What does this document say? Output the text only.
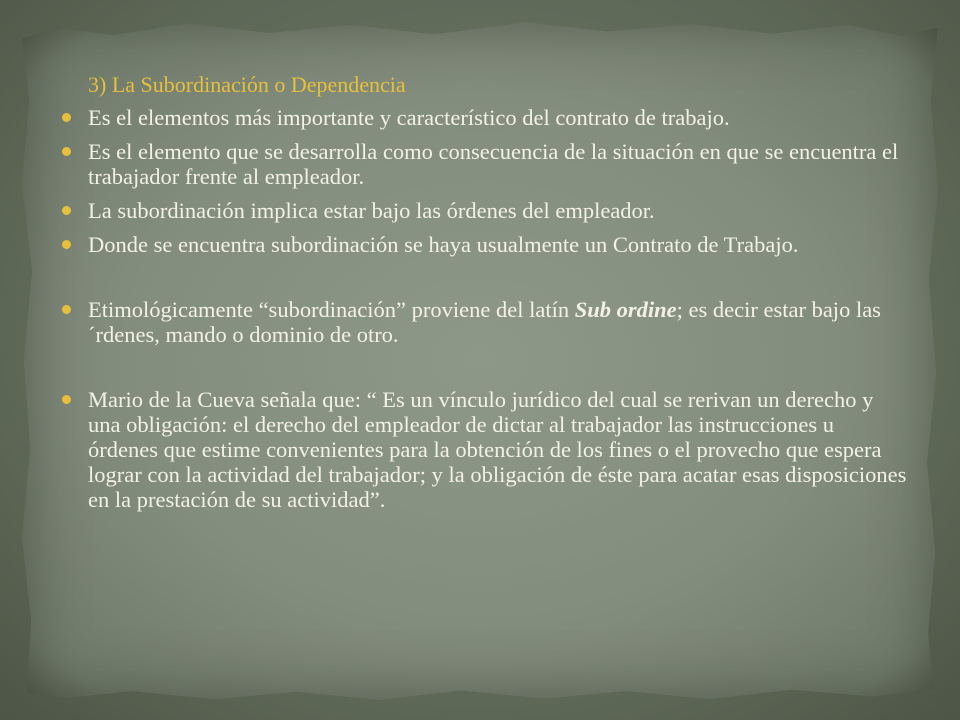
3) La Subordinación o Dependencia
Es el elementos más importante y característico del contrato de trabajo.
Es el elemento que se desarrolla como consecuencia de la situación en que se encuentra el trabajador frente al empleador.
La subordinación implica estar bajo las órdenes del empleador.
Donde se encuentra subordinación se haya usualmente un Contrato de Trabajo.
Etimológicamente “subordinación” proviene del latín Sub ordine; es decir estar bajo las ´rdenes, mando o dominio de otro.
Mario de la Cueva señala que: “ Es un vínculo jurídico del cual se rerivan un derecho y una obligación: el derecho del empleador de dictar al trabajador las instrucciones u órdenes que estime convenientes para la obtención de los fines o el provecho que espera lograr con la actividad del trabajador; y la obligación de éste para acatar esas disposiciones en la prestación de su actividad”.
